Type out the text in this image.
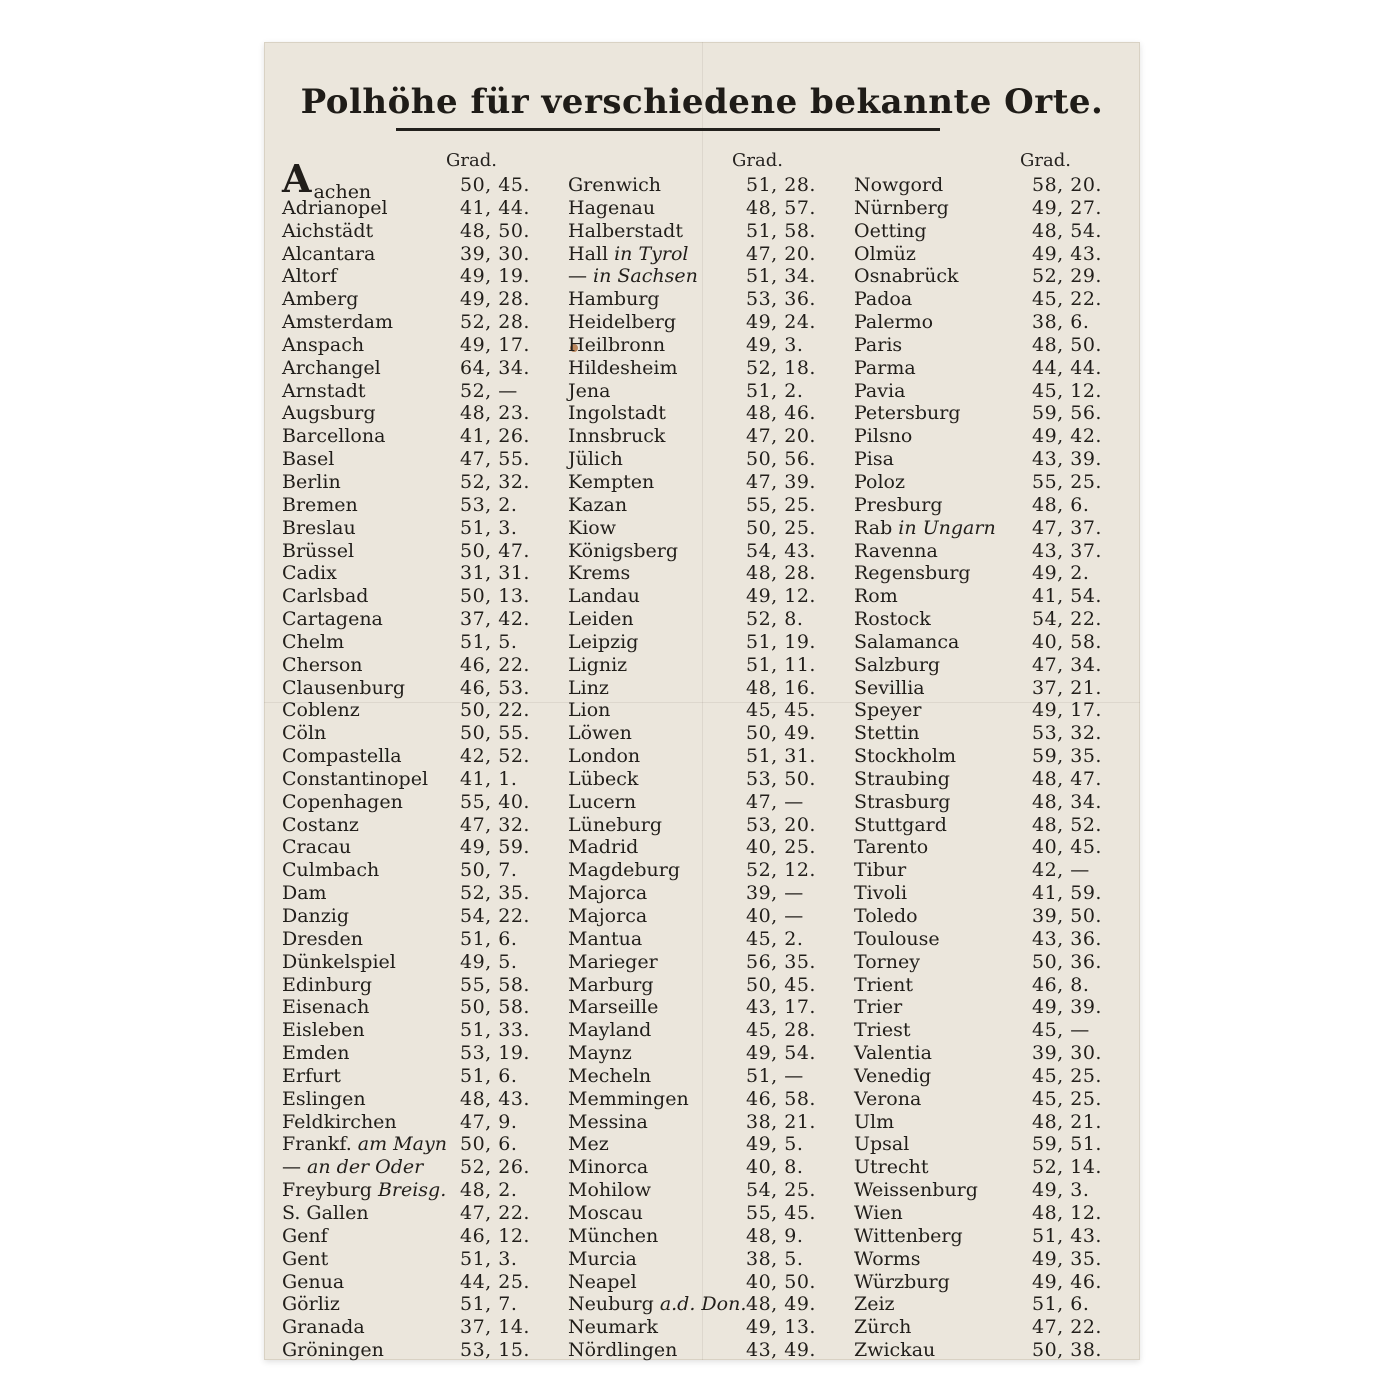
Polhöhe für verschiedene bekannte Orte.
Grad.
Aachen	50, 45.
Adrianopel	41, 44.
Aichstädt	48, 50.
Alcantara	39, 30.
Altorf	49, 19.
Amberg	49, 28.
Amsterdam	52, 28.
Anspach	49, 17.
Archangel	64, 34.
Arnstadt	52, —
Augsburg	48, 23.
Barcellona	41, 26.
Basel	47, 55.
Berlin	52, 32.
Bremen	53, 2.
Breslau	51, 3.
Brüssel	50, 47.
Cadix	31, 31.
Carlsbad	50, 13.
Cartagena	37, 42.
Chelm	51, 5.
Cherson	46, 22.
Clausenburg	46, 53.
Coblenz	50, 22.
Cöln	50, 55.
Compastella	42, 52.
Constantinopel 41, 1.
Copenhagen	55, 40.
Costanz	47, 32.
Cracau	49, 59.
Culmbach	50, 7.
Dam	52, 35.
Danzig	54, 22.
Dresden	51, 6.
Dünkelspiel	49, 5.
Edinburg	55, 58.
Eisenach	50, 58.
Eisleben	51, 33.
Emden	53, 19.
Erfurt	51, 6.
Eslingen	48, 43.
Feldkirchen	47, 9.
Frankf. am Mayn 50, 6.
— an der Oder 52, 26.
Freyburg Breisg. 48, 2.
S. Gallen	47, 22.
Genf	46, 12.
Gent	51, 3.
Genua	44, 25.
Görliz	51, 7.
Granada	37, 14.
Gröningen	53, 15.
Grad.
Grenwich	51, 28.
Hagenau	48, 57.
Halberstadt	51, 58.
Hall in Tyrol	47, 20.
— in Sachsen	51, 34.
Hamburg	53, 36.
Heidelberg	49, 24.
Heilbronn	49, 3.
Hildesheim	52, 18.
Jena	51, 2.
Ingolstadt	48, 46.
Innsbruck	47, 20.
Jülich	50, 56.
Kempten	47, 39.
Kazan	55, 25.
Kiow	50, 25.
Königsberg	54, 43.
Krems	48, 28.
Landau	49, 12.
Leiden	52, 8.
Leipzig	51, 19.
Ligniz	51, 11.
Linz	48, 16.
Lion	45, 45.
Löwen	50, 49.
London	51, 31.
Lübeck	53, 50.
Lucern	47, —
Lüneburg	53, 20.
Madrid	40, 25.
Magdeburg	52, 12.
Majorca	39, —
Majorca	40, —
Mantua	45, 2.
Marieger	56, 35.
Marburg	50, 45.
Marseille	43, 17.
Mayland	45, 28.
Maynz	49, 54.
Mecheln	51, —
Memmingen	46, 58.
Messina	38, 21.
Mez	49, 5.
Minorca	40, 8.
Mohilow	54, 25.
Moscau	55, 45.
München	48, 9.
Murcia	38, 5.
Neapel	40, 50.
Neuburg a.d. Don. 48, 49.
Neumark	49, 13.
Nördlingen	43, 49.
Grad.
Nowgord	58, 20.
Nürnberg	49, 27.
Oetting	48, 54.
Olmüz	49, 43.
Osnabrück	52, 29.
Padoa	45, 22.
Palermo	38, 6.
Paris	48, 50.
Parma	44, 44.
Pavia	45, 12.
Petersburg	59, 56.
Pilsno	49, 42.
Pisa	43, 39.
Poloz	55, 25.
Presburg	48, 6.
Rab in Ungarn 47, 37.
Ravenna	43, 37.
Regensburg	49, 2.
Rom	41, 54.
Rostock	54, 22.
Salamanca	40, 58.
Salzburg	47, 34.
Sevillia	37, 21.
Speyer	49, 17.
Stettin	53, 32.
Stockholm	59, 35.
Straubing	48, 47.
Strasburg	48, 34.
Stuttgard	48, 52.
Tarento	40, 45.
Tibur	42, —
Tivoli	41, 59.
Toledo	39, 50.
Toulouse	43, 36.
Torney	50, 36.
Trient	46, 8.
Trier	49, 39.
Triest	45, —
Valentia	39, 30.
Venedig	45, 25.
Verona	45, 25.
Ulm	48, 21.
Upsal	59, 51.
Utrecht	52, 14.
Weissenburg	49, 3.
Wien	48, 12.
Wittenberg	51, 43.
Worms	49, 35.
Würzburg	49, 46.
Zeiz	51, 6.
Zürch	47, 22.
Zwickau	50, 38.
